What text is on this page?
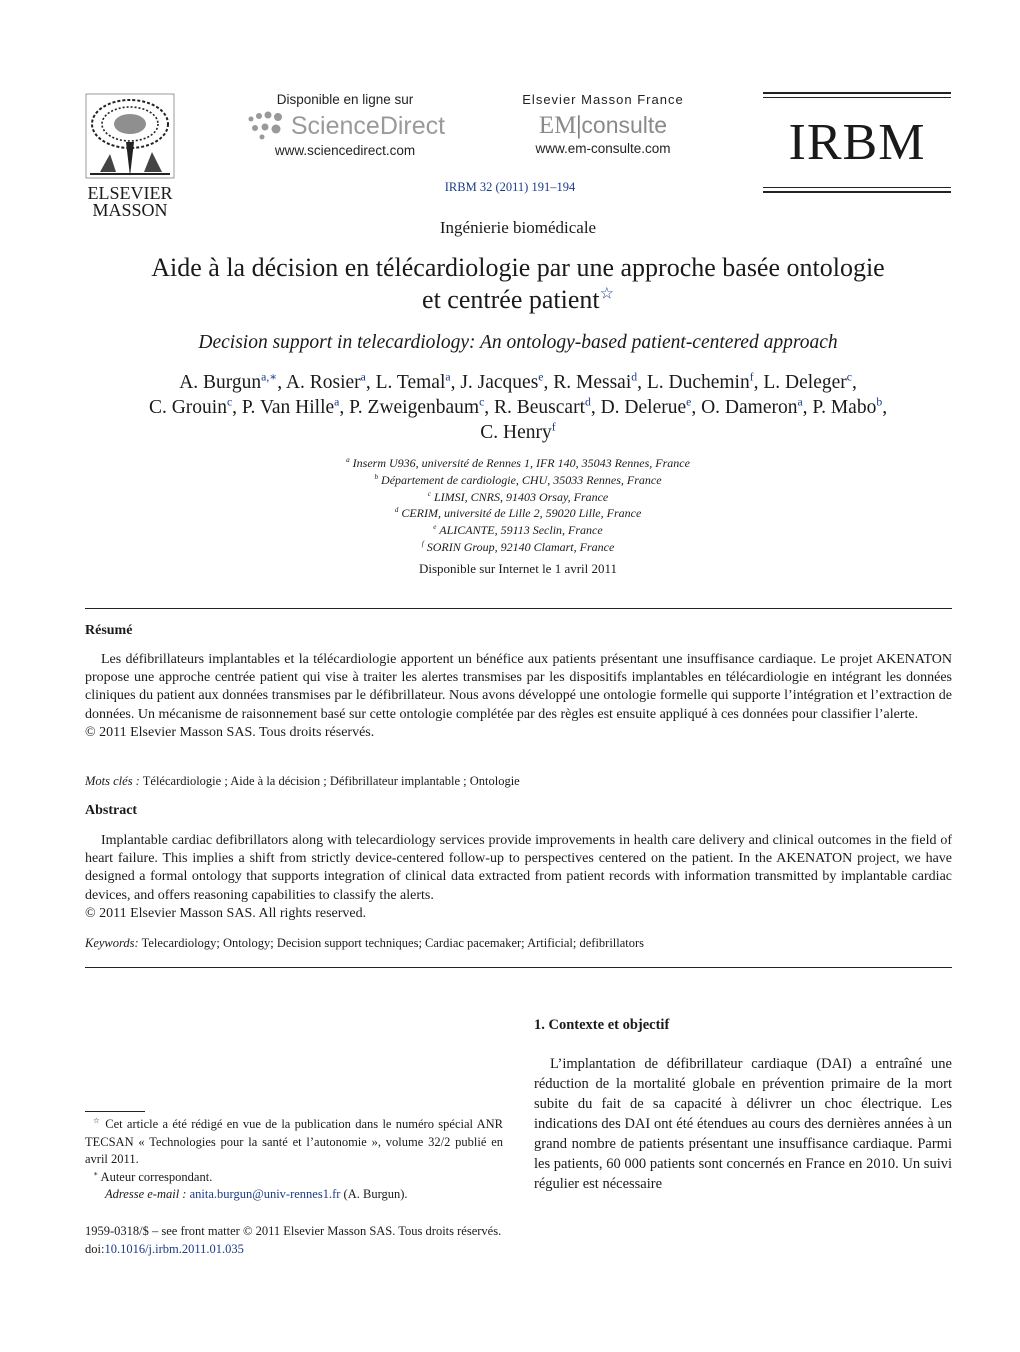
ELSEVIER
MASSON
Disponible en ligne sur
ScienceDirect
www.sciencedirect.com
Elsevier Masson France
EM|consulte
www.em-consulte.com
IRBM 32 (2011) 191–194
IRBM
Ingénierie biomédicale
Aide à la décision en télécardiologie par une approche basée ontologie
et centrée patient☆
Decision support in telecardiology: An ontology-based patient-centered approach
A. Burgun$^{a,∗}$, A. Rosier$^a$, L. Temal$^a$, J. Jacques$^e$, R. Messai$^d$, L. Duchemin$^f$, L. Deleger$^c$,
C. Grouin$^c$, P. Van Hille$^a$, P. Zweigenbaum$^c$, R. Beuscart$^d$, D. Delerue$^e$, O. Dameron$^a$, P. Mabo$^b$,
C. Henry$^f$
$^a$ Inserm U936, université de Rennes 1, IFR 140, 35043 Rennes, France
$^b$ Département de cardiologie, CHU, 35033 Rennes, France
$^c$ LIMSI, CNRS, 91403 Orsay, France
$^d$ CERIM, université de Lille 2, 59020 Lille, France
$^e$ ALICANTE, 59113 Seclin, France
$^f$ SORIN Group, 92140 Clamart, France
Disponible sur Internet le 1 avril 2011
Résumé

Les défibrillateurs implantables et la télécardiologie apportent un bénéfice aux patients présentant une insuffisance cardiaque. Le projet AKENATON propose une approche centrée patient qui vise à traiter les alertes transmises par les dispositifs implantables en télécardiologie en intégrant les données cliniques du patient aux données transmises par le défibrillateur. Nous avons développé une ontologie formelle qui supporte l’intégration et l’extraction de données. Un mécanisme de raisonnement basé sur cette ontologie complétée par des règles est ensuite appliqué à ces données pour classifier l’alerte.

© 2011 Elsevier Masson SAS. Tous droits réservés.

Mots clés : Télécardiologie ; Aide à la décision ; Défibrillateur implantable ; Ontologie
Abstract

Implantable cardiac defibrillators along with telecardiology services provide improvements in health care delivery and clinical outcomes in the field of heart failure. This implies a shift from strictly device-centered follow-up to perspectives centered on the patient. In the AKENATON project, we have designed a formal ontology that supports integration of clinical data extracted from patient records with information transmitted by implantable cardiac devices, and offers reasoning capabilities to classify the alerts.

© 2011 Elsevier Masson SAS. All rights reserved.

Keywords: Telecardiology; Ontology; Decision support techniques; Cardiac pacemaker; Artificial; defibrillators

☆ Cet article a été rédigé en vue de la publication dans le numéro spécial ANR TECSAN « Technologies pour la santé et l’autonomie », volume 32/2 publié en avril 2011.

∗ Auteur correspondant.

Adresse e-mail : anita.burgun@univ-rennes1.fr (A. Burgun).

1959-0318/$ – see front matter © 2011 Elsevier Masson SAS. Tous droits réservés.
doi:10.1016/j.irbm.2011.01.035
1. Contexte et objectif
L’implantation de défibrillateur cardiaque (DAI) a entraîné une réduction de la mortalité globale en prévention primaire de la mort subite du fait de sa capacité à délivrer un choc électrique. Les indications des DAI ont été étendues au cours des dernières années à un grand nombre de patients présentant une insuffisance cardiaque. Parmi les patients, 60 000 patients sont concernés en France en 2010. Un suivi régulier est nécessaire
